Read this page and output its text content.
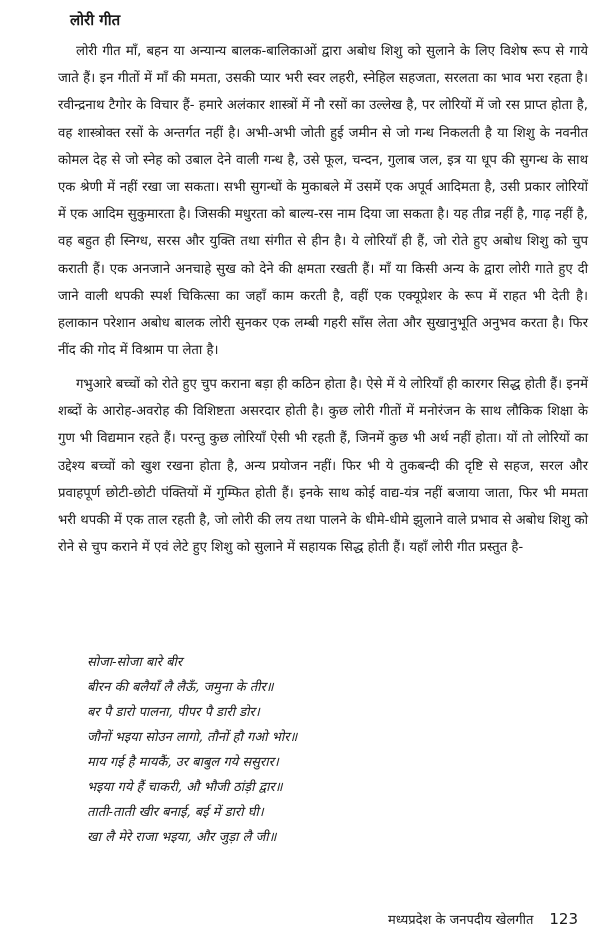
लोरी गीत

लोरी गीत माँ, बहन या अन्यान्य बालक-बालिकाओं द्वारा अबोध शिशु को सुलाने के लिए विशेष रूप से गाये जाते हैं। इन गीतों में माँ की ममता, उसकी प्यार भरी स्वर लहरी, स्नेहिल सहजता, सरलता का भाव भरा रहता है। रवीन्द्रनाथ टैगोर के विचार हैं- हमारे अलंकार शास्त्रों में नौ रसों का उल्लेख है, पर लोरियों में जो रस प्राप्त होता है, वह शास्त्रोक्त रसों के अन्तर्गत नहीं है। अभी-अभी जोती हुई जमीन से जो गन्ध निकलती है या शिशु के नवनीत कोमल देह से जो स्नेह को उबाल देने वाली गन्ध है, उसे फूल, चन्दन, गुलाब जल, इत्र या धूप की सुगन्ध के साथ एक श्रेणी में नहीं रखा जा सकता। सभी सुगन्धों के मुकाबले में उसमें एक अपूर्व आदिमता है, उसी प्रकार लोरियों में एक आदिम सुकुमारता है। जिसकी मधुरता को बाल्य-रस नाम दिया जा सकता है। यह तीव्र नहीं है, गाढ़ नहीं है, वह बहुत ही स्निग्ध, सरस और युक्ति तथा संगीत से हीन है। ये लोरियाँ ही हैं, जो रोते हुए अबोध शिशु को चुप कराती हैं। एक अनजाने अनचाहे सुख को देने की क्षमता रखती हैं। माँ या किसी अन्य के द्वारा लोरी गाते हुए दी जाने वाली थपकी स्पर्श चिकित्सा का जहाँ काम करती है, वहीं एक एक्यूप्रेशर के रूप में राहत भी देती है। हलाकान परेशान अबोध बालक लोरी सुनकर एक लम्बी गहरी साँस लेता और सुखानुभूति अनुभव करता है। फिर नींद की गोद में विश्राम पा लेता है।

गभुआरे बच्चों को रोते हुए चुप कराना बड़ा ही कठिन होता है। ऐसे में ये लोरियाँ ही कारगर सिद्ध होती हैं। इनमें शब्दों के आरोह-अवरोह की विशिष्टता असरदार होती है। कुछ लोरी गीतों में मनोरंजन के साथ लौकिक शिक्षा के गुण भी विद्यमान रहते हैं। परन्तु कुछ लोरियाँ ऐसी भी रहती हैं, जिनमें कुछ भी अर्थ नहीं होता। यों तो लोरियों का उद्देश्य बच्चों को खुश रखना होता है, अन्य प्रयोजन नहीं। फिर भी ये तुकबन्दी की दृष्टि से सहज, सरल और प्रवाहपूर्ण छोटी-छोटी पंक्तियों में गुम्फित होती हैं। इनके साथ कोई वाद्य-यंत्र नहीं बजाया जाता, फिर भी ममता भरी थपकी में एक ताल रहती है, जो लोरी की लय तथा पालने के धीमे-धीमे झुलाने वाले प्रभाव से अबोध शिशु को रोने से चुप कराने में एवं लेटे हुए शिशु को सुलाने में सहायक सिद्ध होती हैं। यहाँ लोरी गीत प्रस्तुत है-

सोजा-सोजा बारे बीर
बीरन की बलैयाँ लै लैऊँ, जमुना के तीर॥
बर पै डारो पालना, पीपर पै डारी डोर।
जौनों भइया सोउन लागो, तौनों हौ गओ भोर॥
माय गई है मायकैं, उर बाबुल गये ससुरार।
भइया गये हैं चाकरी, औ भौजी ठांड़ी द्वार॥
ताती-ताती खीर बनाई, बई में डारो घी।
खा लै मेरे राजा भइया, और जुड़ा लै जी॥
मध्यप्रदेश के जनपदीय खेलगीत 123
